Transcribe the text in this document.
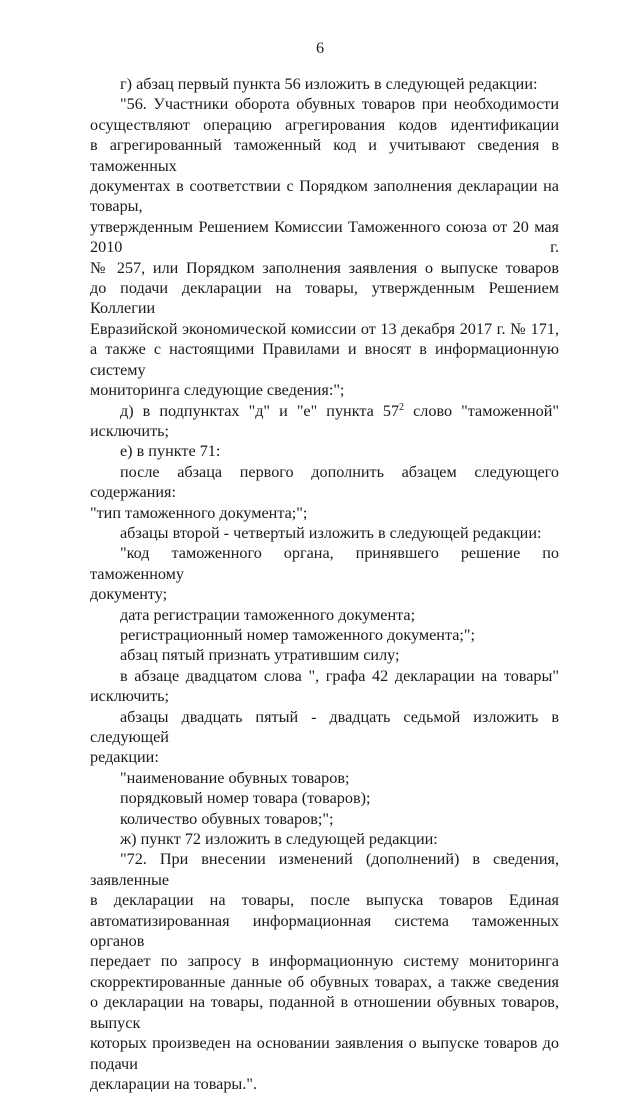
6
г) абзац первый пункта 56 изложить в следующей редакции:
"56. Участники оборота обувных товаров при необходимости
осуществляют операцию агрегирования кодов идентификации
в агрегированный таможенный код и учитывают сведения в таможенных
документах в соответствии с Порядком заполнения декларации на товары,
утвержденным Решением Комиссии Таможенного союза от 20 мая 2010 г.
№ 257, или Порядком заполнения заявления о выпуске товаров
до подачи декларации на товары, утвержденным Решением Коллегии
Евразийской экономической комиссии от 13 декабря 2017 г. № 171,
а также с настоящими Правилами и вносят в информационную систему
мониторинга следующие сведения:";
д) в подпунктах "д" и "е" пункта $57^2$ слово "таможенной" исключить;
е) в пункте 71:
после абзаца первого дополнить абзацем следующего содержания:
"тип таможенного документа;";
абзацы второй - четвертый изложить в следующей редакции:
"код таможенного органа, принявшего решение по таможенному
документу;
дата регистрации таможенного документа;
регистрационный номер таможенного документа;";
абзац пятый признать утратившим силу;
в абзаце двадцатом слова ", графа 42 декларации на товары"
исключить;
абзацы двадцать пятый - двадцать седьмой изложить в следующей
редакции:
"наименование обувных товаров;
порядковый номер товара (товаров);
количество обувных товаров;";
ж) пункт 72 изложить в следующей редакции:
"72. При внесении изменений (дополнений) в сведения, заявленные
в декларации на товары, после выпуска товаров Единая
автоматизированная информационная система таможенных органов
передает по запросу в информационную систему мониторинга
скорректированные данные об обувных товарах, а также сведения
о декларации на товары, поданной в отношении обувных товаров, выпуск
которых произведен на основании заявления о выпуске товаров до подачи
декларации на товары.".
